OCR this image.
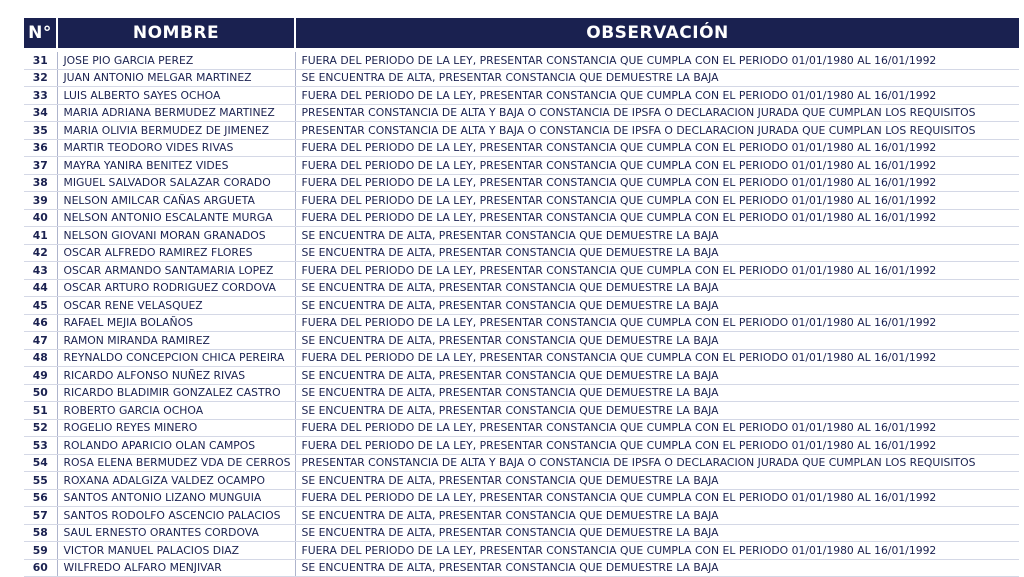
N°	NOMBRE	OBSERVACIÓN

31	JOSE PIO GARCIA PEREZ	FUERA DEL PERIODO DE LA LEY, PRESENTAR CONSTANCIA QUE CUMPLA CON EL PERIODO 01/01/1980 AL 16/01/1992
32	JUAN ANTONIO MELGAR MARTINEZ	SE ENCUENTRA DE ALTA, PRESENTAR CONSTANCIA QUE DEMUESTRE LA BAJA
33	LUIS ALBERTO SAYES OCHOA	FUERA DEL PERIODO DE LA LEY, PRESENTAR CONSTANCIA QUE CUMPLA CON EL PERIODO 01/01/1980 AL 16/01/1992
34	MARIA ADRIANA BERMUDEZ MARTINEZ	PRESENTAR CONSTANCIA DE ALTA Y BAJA O CONSTANCIA DE IPSFA O DECLARACION JURADA QUE CUMPLAN LOS REQUISITOS
35	MARIA OLIVIA BERMUDEZ DE JIMENEZ	PRESENTAR CONSTANCIA DE ALTA Y BAJA O CONSTANCIA DE IPSFA O DECLARACION JURADA QUE CUMPLAN LOS REQUISITOS
36	MARTIR TEODORO VIDES RIVAS	FUERA DEL PERIODO DE LA LEY, PRESENTAR CONSTANCIA QUE CUMPLA CON EL PERIODO 01/01/1980 AL 16/01/1992
37	MAYRA YANIRA BENITEZ VIDES	FUERA DEL PERIODO DE LA LEY, PRESENTAR CONSTANCIA QUE CUMPLA CON EL PERIODO 01/01/1980 AL 16/01/1992
38	MIGUEL SALVADOR SALAZAR CORADO	FUERA DEL PERIODO DE LA LEY, PRESENTAR CONSTANCIA QUE CUMPLA CON EL PERIODO 01/01/1980 AL 16/01/1992
39	NELSON AMILCAR CAÑAS ARGUETA	FUERA DEL PERIODO DE LA LEY, PRESENTAR CONSTANCIA QUE CUMPLA CON EL PERIODO 01/01/1980 AL 16/01/1992
40	NELSON ANTONIO ESCALANTE MURGA	FUERA DEL PERIODO DE LA LEY, PRESENTAR CONSTANCIA QUE CUMPLA CON EL PERIODO 01/01/1980 AL 16/01/1992
41	NELSON GIOVANI MORAN GRANADOS	SE ENCUENTRA DE ALTA, PRESENTAR CONSTANCIA QUE DEMUESTRE LA BAJA
42	OSCAR ALFREDO RAMIREZ FLORES	SE ENCUENTRA DE ALTA, PRESENTAR CONSTANCIA QUE DEMUESTRE LA BAJA
43	OSCAR ARMANDO SANTAMARIA LOPEZ	FUERA DEL PERIODO DE LA LEY, PRESENTAR CONSTANCIA QUE CUMPLA CON EL PERIODO 01/01/1980 AL 16/01/1992
44	OSCAR ARTURO RODRIGUEZ CORDOVA	SE ENCUENTRA DE ALTA, PRESENTAR CONSTANCIA QUE DEMUESTRE LA BAJA
45	OSCAR RENE VELASQUEZ	SE ENCUENTRA DE ALTA, PRESENTAR CONSTANCIA QUE DEMUESTRE LA BAJA
46	RAFAEL MEJIA BOLAÑOS	FUERA DEL PERIODO DE LA LEY, PRESENTAR CONSTANCIA QUE CUMPLA CON EL PERIODO 01/01/1980 AL 16/01/1992
47	RAMON MIRANDA RAMIREZ	SE ENCUENTRA DE ALTA, PRESENTAR CONSTANCIA QUE DEMUESTRE LA BAJA
48	REYNALDO CONCEPCION CHICA PEREIRA	FUERA DEL PERIODO DE LA LEY, PRESENTAR CONSTANCIA QUE CUMPLA CON EL PERIODO 01/01/1980 AL 16/01/1992
49	RICARDO ALFONSO NUÑEZ RIVAS	SE ENCUENTRA DE ALTA, PRESENTAR CONSTANCIA QUE DEMUESTRE LA BAJA
50	RICARDO BLADIMIR GONZALEZ CASTRO	SE ENCUENTRA DE ALTA, PRESENTAR CONSTANCIA QUE DEMUESTRE LA BAJA
51	ROBERTO GARCIA OCHOA	SE ENCUENTRA DE ALTA, PRESENTAR CONSTANCIA QUE DEMUESTRE LA BAJA
52	ROGELIO REYES MINERO	FUERA DEL PERIODO DE LA LEY, PRESENTAR CONSTANCIA QUE CUMPLA CON EL PERIODO 01/01/1980 AL 16/01/1992
53	ROLANDO APARICIO OLAN CAMPOS	FUERA DEL PERIODO DE LA LEY, PRESENTAR CONSTANCIA QUE CUMPLA CON EL PERIODO 01/01/1980 AL 16/01/1992
54	ROSA ELENA BERMUDEZ VDA DE CERROS	PRESENTAR CONSTANCIA DE ALTA Y BAJA O CONSTANCIA DE IPSFA O DECLARACION JURADA QUE CUMPLAN LOS REQUISITOS
55	ROXANA ADALGIZA VALDEZ OCAMPO	SE ENCUENTRA DE ALTA, PRESENTAR CONSTANCIA QUE DEMUESTRE LA BAJA
56	SANTOS ANTONIO LIZANO MUNGUIA	FUERA DEL PERIODO DE LA LEY, PRESENTAR CONSTANCIA QUE CUMPLA CON EL PERIODO 01/01/1980 AL 16/01/1992
57	SANTOS RODOLFO ASCENCIO PALACIOS	SE ENCUENTRA DE ALTA, PRESENTAR CONSTANCIA QUE DEMUESTRE LA BAJA
58	SAUL ERNESTO ORANTES CORDOVA	SE ENCUENTRA DE ALTA, PRESENTAR CONSTANCIA QUE DEMUESTRE LA BAJA
59	VICTOR MANUEL PALACIOS DIAZ	FUERA DEL PERIODO DE LA LEY, PRESENTAR CONSTANCIA QUE CUMPLA CON EL PERIODO 01/01/1980 AL 16/01/1992
60	WILFREDO ALFARO MENJIVAR	SE ENCUENTRA DE ALTA, PRESENTAR CONSTANCIA QUE DEMUESTRE LA BAJA
